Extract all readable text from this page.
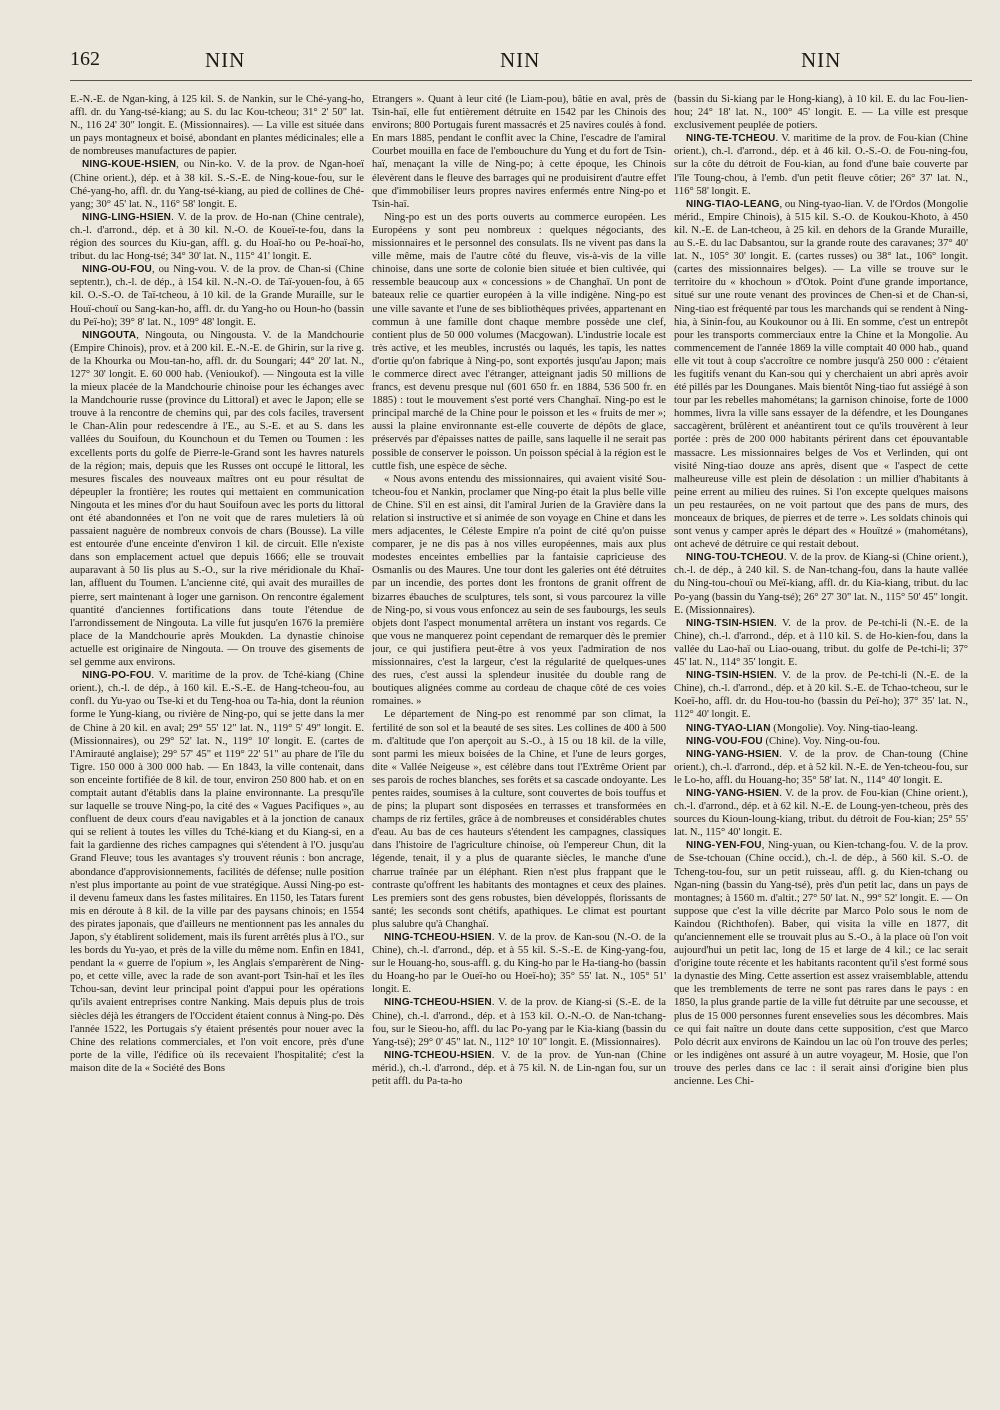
162	NIN	NIN	NIN

E.-N.-E. de Ngan-king, à 125 kil. S. de Nankin, sur le Ché-yang-ho, affl. dr. du Yang-tsé-kiang; au S. du lac Kou-tcheou; 31° 2' 50" lat. N., 116 24' 30" longit. E. (Missionnaires). — La ville est située dans un pays montagneux et boisé, abondant en plantes médicinales; elle a de nombreuses manufactures de papier.

NING-KOUE-HSIEN, ou Nin-ko. V. de la prov. de Ngan-hoeï (Chine orient.), dép. et à 38 kil. S.-S.-E. de Ning-koue-fou, sur le Ché-yang-ho, affl. dr. du Yang-tsé-kiang, au pied de collines de Ché-yang; 30° 45' lat. N., 116° 58' longit. E.

NING-LING-HSIEN. V. de la prov. de Ho-nan (Chine centrale), ch.-l. d'arrond., dép. et à 30 kil. N.-O. de Koueï-te-fou, dans la région des sources du Kiu-gan, affl. g. du Hoaï-ho ou Pe-hoaï-ho, tribut. du lac Hong-tsé; 34° 30' lat. N., 115° 41' longit. E.

NING-OU-FOU, ou Ning-vou. V. de la prov. de Chan-si (Chine septentr.), ch.-l. de dép., à 154 kil. N.-N.-O. de Taï-youen-fou, à 65 kil. O.-S.-O. de Taï-tcheou, à 10 kil. de la Grande Muraille, sur le Houï-chouï ou Sang-kan-ho, affl. dr. du Yang-ho ou Houn-ho (bassin du Peï-ho); 39° 8' lat. N., 109° 48' longit. E.

NINGOUTA, Ningouta, ou Ningousta. V. de la Mandchourie (Empire Chinois), prov. et à 200 kil. E.-N.-E. de Ghirin, sur la rive g. de la Khourka ou Mou-tan-ho, affl. dr. du Soungari; 44° 20' lat. N., 127° 30' longit. E. 60 000 hab. (Venioukof). — Ningouta est la ville la mieux placée de la Mandchourie chinoise pour les échanges avec la Mandchourie russe (province du Littoral) et avec le Japon; elle se trouve à la rencontre de chemins qui, par des cols faciles, traversent le Chan-Alin pour redescendre à l'E., au S.-E. et au S. dans les vallées du Souifoun, du Kounchoun et du Temen ou Toumen : les excellents ports du golfe de Pierre-le-Grand sont les havres naturels de la région; mais, depuis que les Russes ont occupé le littoral, les mesures fiscales des nouveaux maîtres ont eu pour résultat de dépeupler la frontière; les routes qui mettaient en communication Ningouta et les mines d'or du haut Souifoun avec les ports du littoral ont été abandonnées et l'on ne voit que de rares muletiers là où passaient naguère de nombreux convois de chars (Bousse). La ville est entourée d'une enceinte d'environ 1 kil. de circuit. Elle n'existe dans son emplacement actuel que depuis 1666; elle se trouvait auparavant à 50 lis plus au S.-O., sur la rive méridionale du Khaï-lan, affluent du Toumen. L'ancienne cité, qui avait des murailles de pierre, sert maintenant à loger une garnison. On rencontre également quantité d'anciennes fortifications dans toute l'étendue de l'arrondissement de Ningouta. La ville fut jusqu'en 1676 la première place de la Mandchourie après Moukden. La dynastie chinoise actuelle est originaire de Ningouta. — On trouve des gisements de sel gemme aux environs.

NING-PO-FOU. V. maritime de la prov. de Tché-kiang (Chine orient.), ch.-l. de dép., à 160 kil. E.-S.-E. de Hang-tcheou-fou, au confl. du Yu-yao ou Tse-ki et du Teng-hoa ou Ta-hia, dont la réunion forme le Yung-kiang, ou rivière de Ning-po, qui se jette dans la mer de Chine à 20 kil. en aval; 29° 55' 12" lat. N., 119° 5' 49" longit. E. (Missionnaires), ou 29° 52' lat. N., 119° 10' longit. E. (cartes de l'Amirauté anglaise); 29° 57' 45" et 119° 22' 51" au phare de l'île du Tigre. 150 000 à 300 000 hab. — En 1843, la ville contenait, dans son enceinte fortifiée de 8 kil. de tour, environ 250 800 hab. et on en comptait autant d'établis dans la plaine environnante. La presqu'île sur laquelle se trouve Ning-po, la cité des « Vagues Pacifiques », au confluent de deux cours d'eau navigables et à la jonction de canaux qui se relient à toutes les villes du Tché-kiang et du Kiang-si, en a fait la gardienne des riches campagnes qui s'étendent à l'O. jusqu'au Grand Fleuve; tous les avantages s'y trouvent réunis : bon ancrage, abondance d'approvisionnements, facilités de défense; nulle position n'est plus importante au point de vue stratégique. Aussi Ning-po est-il devenu fameux dans les fastes militaires. En 1150, les Tatars furent mis en déroute à 8 kil. de la ville par des paysans chinois; en 1554 des pirates japonais, que d'ailleurs ne mentionnent pas les annales du Japon, s'y établirent solidement, mais ils furent arrêtés plus à l'O., sur les bords du Yu-yao, et près de la ville du même nom. Enfin en 1841, pendant la « guerre de l'opium », les Anglais s'emparèrent de Ning-po, et cette ville, avec la rade de son avant-port Tsin-haï et les îles Tchou-san, devint leur principal point d'appui pour les opérations qu'ils avaient entreprises contre Nanking. Mais depuis plus de trois siècles déjà les étrangers de l'Occident étaient connus à Ning-po. Dès l'année 1522, les Portugais s'y étaient présentés pour nouer avec la Chine des relations commerciales, et l'on voit encore, près d'une porte de la ville, l'édifice où ils recevaient l'hospitalité; c'est la maison dite de la « Société des Bons

Etrangers ». Quant à leur cité (le Liam-pou), bâtie en aval, près de Tsin-haï, elle fut entièrement détruite en 1542 par les Chinois des environs; 800 Portugais furent massacrés et 25 navires coulés à fond. En mars 1885, pendant le conflit avec la Chine, l'escadre de l'amiral Courbet mouilla en face de l'embouchure du Yung et du fort de Tsin-haï, menaçant la ville de Ning-po; à cette époque, les Chinois élevèrent dans le fleuve des barrages qui ne produisirent d'autre effet que d'immobiliser leurs propres navires enfermés entre Ning-po et Tsin-haï.

Ning-po est un des ports ouverts au commerce européen. Les Européens y sont peu nombreux : quelques négociants, des missionnaires et le personnel des consulats. Ils ne vivent pas dans la ville même, mais de l'autre côté du fleuve, vis-à-vis de la ville chinoise, dans une sorte de colonie bien située et bien cultivée, qui ressemble beaucoup aux « concessions » de Changhaï. Un pont de bateaux relie ce quartier européen à la ville indigène. Ning-po est une ville savante et l'une de ses bibliothèques privées, appartenant en commun à une famille dont chaque membre possède une clef, contient plus de 50 000 volumes (Macgowan). L'industrie locale est très active, et les meubles, incrustés ou laqués, les tapis, les nattes d'ortie qu'on fabrique à Ning-po, sont exportés jusqu'au Japon; mais le commerce direct avec l'étranger, atteignant jadis 50 millions de francs, est devenu presque nul (601 650 fr. en 1884, 536 500 fr. en 1885) : tout le mouvement s'est porté vers Changhaï. Ning-po est le principal marché de la Chine pour le poisson et les « fruits de mer »; aussi la plaine environnante est-elle couverte de dépôts de glace, préservés par d'épaisses nattes de paille, sans laquelle il ne serait pas possible de conserver le poisson. Un poisson spécial à la région est le cuttle fish, une espèce de sèche.

« Nous avons entendu des missionnaires, qui avaient visité Sou-tcheou-fou et Nankin, proclamer que Ning-po était la plus belle ville de Chine. S'il en est ainsi, dit l'amiral Jurien de la Gravière dans la relation si instructive et si animée de son voyage en Chine et dans les mers adjacentes, le Céleste Empire n'a point de cité qu'on puisse comparer, je ne dis pas à nos villes européennes, mais aux plus modestes enceintes embellies par la fantaisie capricieuse des Osmanlis ou des Maures. Une tour dont les galeries ont été détruites par un incendie, des portes dont les frontons de granit offrent de bizarres ébauches de sculptures, tels sont, si vous parcourez la ville de Ning-po, si vous vous enfoncez au sein de ses faubourgs, les seuls objets dont l'aspect monumental arrêtera un instant vos regards. Ce que vous ne manquerez point cependant de remarquer dès le premier jour, ce qui justifiera peut-être à vos yeux l'admiration de nos missionnaires, c'est la largeur, c'est la régularité de quelques-unes des rues, c'est aussi la splendeur inusitée du double rang de boutiques alignées comme au cordeau de chaque côté de ces voies romaines. »

Le département de Ning-po est renommé par son climat, la fertilité de son sol et la beauté de ses sites. Les collines de 400 à 500 m. d'altitude que l'on aperçoit au S.-O., à 15 ou 18 kil. de la ville, sont parmi les mieux boisées de la Chine, et l'une de leurs gorges, dite « Vallée Neigeuse », est célèbre dans tout l'Extrême Orient par ses parois de roches blanches, ses forêts et sa cascade ondoyante. Les pentes raides, soumises à la culture, sont couvertes de bois touffus et de pins; la plupart sont disposées en terrasses et transformées en champs de riz fertiles, grâce à de nombreuses et considérables chutes d'eau. Au bas de ces hauteurs s'étendent les campagnes, classiques dans l'histoire de l'agriculture chinoise, où l'empereur Chun, dit la légende, tenait, il y a plus de quarante siècles, le manche d'une charrue traînée par un éléphant. Rien n'est plus frappant que le contraste qu'offrent les habitants des montagnes et ceux des plaines. Les premiers sont des gens robustes, bien développés, florissants de santé; les seconds sont chétifs, apathiques. Le climat est pourtant plus salubre qu'à Changhaï.

NING-TCHEOU-HSIEN. V. de la prov. de Kan-sou (N.-O. de la Chine), ch.-l. d'arrond., dép. et à 55 kil. S.-S.-E. de King-yang-fou, sur le Houang-ho, sous-affl. g. du King-ho par le Ha-tiang-ho (bassin du Hoang-ho par le Oueï-ho ou Hoeï-ho); 35° 55' lat. N., 105° 51' longit. E.

NING-TCHEOU-HSIEN. V. de la prov. de Kiang-si (S.-E. de la Chine), ch.-l. d'arrond., dép. et à 153 kil. O.-N.-O. de Nan-tchang-fou, sur le Sieou-ho, affl. du lac Po-yang par le Kia-kiang (bassin du Yang-tsé); 29° 0' 45" lat. N., 112° 10' 10" longit. E. (Missionnaires).

NING-TCHEOU-HSIEN. V. de la prov. de Yun-nan (Chine mérid.), ch.-l. d'arrond., dép. et à 75 kil. N. de Lin-ngan fou, sur un petit affl. du Pa-ta-ho

(bassin du Si-kiang par le Hong-kiang), à 10 kil. E. du lac Fou-lien-hou; 24° 18' lat. N., 100° 45' longit. E. — La ville est presque exclusivement peuplée de potiers.

NING-TE-TCHEOU. V. maritime de la prov. de Fou-kian (Chine orient.), ch.-l. d'arrond., dép. et à 46 kil. O.-S.-O. de Fou-ning-fou, sur la côte du détroit de Fou-kian, au fond d'une baie couverte par l'île Toung-chou, à l'emb. d'un petit fleuve côtier; 26° 37' lat. N., 116° 58' longit. E.

NING-TIAO-LEANG, ou Ning-tyao-lian. V. de l'Ordos (Mongolie mérid., Empire Chinois), à 515 kil. S.-O. de Koukou-Khoto, à 450 kil. N.-E. de Lan-tcheou, à 25 kil. en dehors de la Grande Muraille, au S.-E. du lac Dabsantou, sur la grande route des caravanes; 37° 40' lat. N., 105° 30' longit. E. (cartes russes) ou 38° lat., 106° longit. (cartes des missionnaires belges). — La ville se trouve sur le territoire du « khochoun » d'Otok. Point d'une grande importance, situé sur une route venant des provinces de Chen-si et de Chan-si, Ning-tiao est fréquenté par tous les marchands qui se rendent à Ning-hia, à Sinin-fou, au Koukounor ou à Ili. En somme, c'est un entrepôt pour les transports commerciaux entre la Chine et la Mongolie. Au commencement de l'année 1869 la ville comptait 40 000 hab., quand elle vit tout à coup s'accroître ce nombre jusqu'à 250 000 : c'étaient les fugitifs venant du Kan-sou qui y cherchaient un abri après avoir été pillés par les Dounganes. Mais bientôt Ning-tiao fut assiégé à son tour par les rebelles mahométans; la garnison chinoise, forte de 1000 hommes, livra la ville sans essayer de la défendre, et les Dounganes saccagèrent, brûlèrent et anéantirent tout ce qu'ils trouvèrent à leur portée : près de 200 000 habitants périrent dans cet épouvantable massacre. Les missionnaires belges de Vos et Verlinden, qui ont visité Ning-tiao douze ans après, disent que « l'aspect de cette malheureuse ville est plein de désolation : un millier d'habitants à peine errent au milieu des ruines. Si l'on excepte quelques maisons un peu restaurées, on ne voit partout que des pans de murs, des monceaux de briques, de pierres et de terre ». Les soldats chinois qui sont venus y camper après le départ des « Houïtzé » (mahométans), ont achevé de détruire ce qui restait debout.

NING-TOU-TCHEOU. V. de la prov. de Kiang-si (Chine orient.), ch.-l. de dép., à 240 kil. S. de Nan-tchang-fou, dans la haute vallée du Ning-tou-chouï ou Meï-kiang, affl. dr. du Kia-kiang, tribut. du lac Po-yang (bassin du Yang-tsé); 26° 27' 30" lat. N., 115° 50' 45" longit. E. (Missionnaires).

NING-TSIN-HSIEN. V. de la prov. de Pe-tchi-li (N.-E. de la Chine), ch.-l. d'arrond., dép. et à 110 kil. S. de Ho-kien-fou, dans la vallée du Lao-haï ou Liao-ouang, tribut. du golfe de Pe-tchi-li; 37° 45' lat. N., 114° 35' longit. E.

NING-TSIN-HSIEN. V. de la prov. de Pe-tchi-li (N.-E. de la Chine), ch.-l. d'arrond., dép. et à 20 kil. S.-E. de Tchao-tcheou, sur le Koeï-ho, affl. dr. du Hou-tou-ho (bassin du Peï-ho); 37° 35' lat. N., 112° 40' longit. E.

NING-TYAO-LIAN (Mongolie). Voy. Ning-tiao-leang.

NING-VOU-FOU (Chine). Voy. Ning-ou-fou.

NING-YANG-HSIEN. V. de la prov. de Chan-toung (Chine orient.), ch.-l. d'arrond., dép. et à 52 kil. N.-E. de Yen-tcheou-fou, sur le Lo-ho, affl. du Houang-ho; 35° 58' lat. N., 114° 40' longit. E.

NING-YANG-HSIEN. V. de la prov. de Fou-kian (Chine orient.), ch.-l. d'arrond., dép. et à 62 kil. N.-E. de Loung-yen-tcheou, près des sources du Kioun-loung-kiang, tribut. du détroit de Fou-kian; 25° 55' lat. N., 115° 40' longit. E.

NING-YEN-FOU, Ning-yuan, ou Kien-tchang-fou. V. de la prov. de Sse-tchouan (Chine occid.), ch.-l. de dép., à 560 kil. S.-O. de Tcheng-tou-fou, sur un petit ruisseau, affl. g. du Kien-tchang ou Ngan-ning (bassin du Yang-tsé), près d'un petit lac, dans un pays de montagnes; à 1560 m. d'altit.; 27° 50' lat. N., 99° 52' longit. E. — On suppose que c'est la ville décrite par Marco Polo sous le nom de Kaindou (Richthofen). Baber, qui visita la ville en 1877, dit qu'anciennement elle se trouvait plus au S.-O., à la place où l'on voit aujourd'hui un petit lac, long de 15 et large de 4 kil.; ce lac serait d'origine toute récente et les habitants racontent qu'il s'est formé sous la dynastie des Ming. Cette assertion est assez vraisemblable, attendu que les tremblements de terre ne sont pas rares dans le pays : en 1850, la plus grande partie de la ville fut détruite par une secousse, et plus de 15 000 personnes furent ensevelies sous les décombres. Mais ce qui fait naître un doute dans cette supposition, c'est que Marco Polo décrit aux environs de Kaindou un lac où l'on trouve des perles; or les indigènes ont assuré à un autre voyageur, M. Hosie, que l'on trouve des perles dans ce lac : il serait ainsi d'origine bien plus ancienne. Les Chi-
